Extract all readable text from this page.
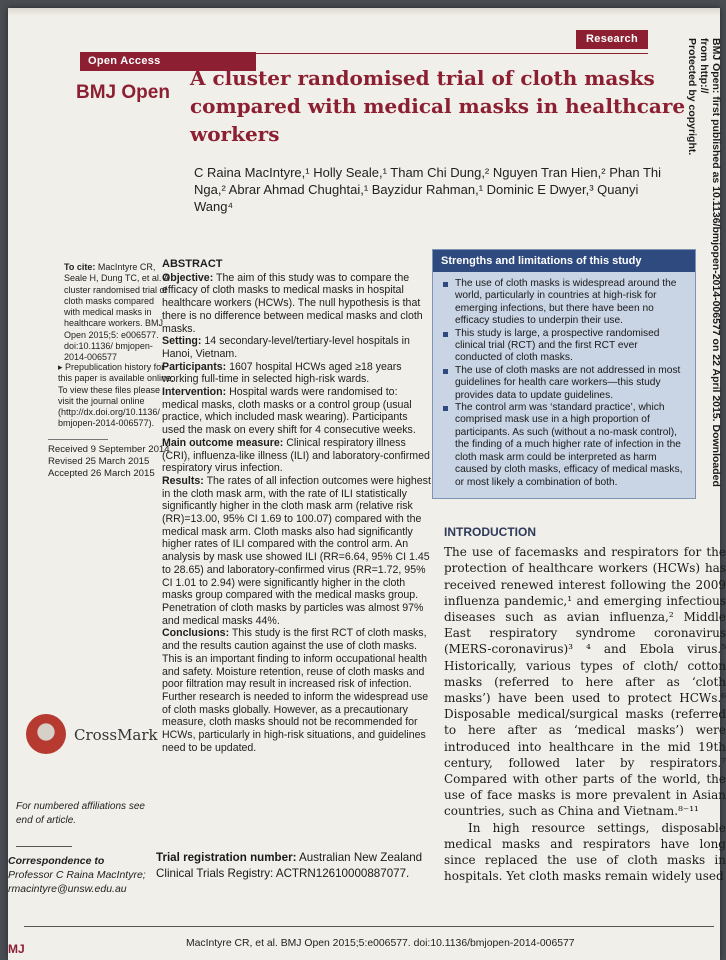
Open Access
Research
BMJ Open
A cluster randomised trial of cloth masks compared with medical masks in healthcare workers
C Raina MacIntyre,¹ Holly Seale,¹ Tham Chi Dung,² Nguyen Tran Hien,² Phan Thi Nga,² Abrar Ahmad Chughtai,¹ Bayzidur Rahman,¹ Dominic E Dwyer,³ Quanyi Wang⁴
To cite: MacIntyre CR, Seale H, Dung TC, et al. A cluster randomised trial of cloth masks compared with medical masks in healthcare workers. BMJ Open 2015;5: e006577. doi:10.1136/ bmjopen-2014-006577
▸ Prepublication history for this paper is available online. To view these files please visit the journal online (http://dx.doi.org/10.1136/ bmjopen-2014-006577).
Received 9 September 2014
Revised 25 March 2015
Accepted 26 March 2015
CrossMark
For numbered affiliations see end of article.
Correspondence to
Professor C Raina MacIntyre;
rmacintyre@unsw.edu.au
ABSTRACT

Objective: The aim of this study was to compare the efficacy of cloth masks to medical masks in hospital healthcare workers (HCWs). The null hypothesis is that there is no difference between medical masks and cloth masks.

Setting: 14 secondary-level/tertiary-level hospitals in Hanoi, Vietnam.

Participants: 1607 hospital HCWs aged ≥18 years working full-time in selected high-risk wards.

Intervention: Hospital wards were randomised to: medical masks, cloth masks or a control group (usual practice, which included mask wearing). Participants used the mask on every shift for 4 consecutive weeks.

Main outcome measure: Clinical respiratory illness (CRI), influenza-like illness (ILI) and laboratory-confirmed respiratory virus infection.

Results: The rates of all infection outcomes were highest in the cloth mask arm, with the rate of ILI statistically significantly higher in the cloth mask arm (relative risk (RR)=13.00, 95% CI 1.69 to 100.07) compared with the medical mask arm. Cloth masks also had significantly higher rates of ILI compared with the control arm. An analysis by mask use showed ILI (RR=6.64, 95% CI 1.45 to 28.65) and laboratory-confirmed virus (RR=1.72, 95% CI 1.01 to 2.94) were significantly higher in the cloth masks group compared with the medical masks group. Penetration of cloth masks by particles was almost 97% and medical masks 44%.

Conclusions: This study is the first RCT of cloth masks, and the results caution against the use of cloth masks. This is an important finding to inform occupational health and safety. Moisture retention, reuse of cloth masks and poor filtration may result in increased risk of infection. Further research is needed to inform the widespread use of cloth masks globally. However, as a precautionary measure, cloth masks should not be recommended for HCWs, particularly in high-risk situations, and guidelines need to be updated.

Trial registration number: Australian New Zealand Clinical Trials Registry: ACTRN12610000887077.
Strengths and limitations of this study
The use of cloth masks is widespread around the world, particularly in countries at high-risk for emerging infections, but there have been no efficacy studies to underpin their use.
This study is large, a prospective randomised clinical trial (RCT) and the first RCT ever conducted of cloth masks.
The use of cloth masks are not addressed in most guidelines for health care workers—this study provides data to update guidelines.
The control arm was ‘standard practice’, which comprised mask use in a high proportion of participants. As such (without a no-mask control), the finding of a much higher rate of infection in the cloth mask arm could be interpreted as harm caused by cloth masks, efficacy of medical masks, or most likely a combination of both.
INTRODUCTION

The use of facemasks and respirators for the protection of healthcare workers (HCWs) has received renewed interest following the 2009 influenza pandemic,¹ and emerging infectious diseases such as avian influenza,² Middle East respiratory syndrome coronavirus (MERS-coronavirus)³ ⁴ and Ebola virus.⁵ Historically, various types of cloth/ cotton masks (referred to here after as ‘cloth masks’) have been used to protect HCWs.⁶ Disposable medical/surgical masks (referred to here after as ‘medical masks’) were introduced into healthcare in the mid 19th century, followed later by respirators.⁷ Compared with other parts of the world, the use of face masks is more prevalent in Asian countries, such as China and Vietnam.⁸⁻¹¹

In high resource settings, disposable medical masks and respirators have long since replaced the use of cloth masks in hospitals. Yet cloth masks remain widely used

MJ	MacIntyre CR, et al. BMJ Open 2015;5:e006577. doi:10.1136/bmjopen-2014-006577
BMJ Open: first published as 10.1136/bmjopen-2014-006577 on 22 April 2015. Downloaded from http://
Protected by copyright.
